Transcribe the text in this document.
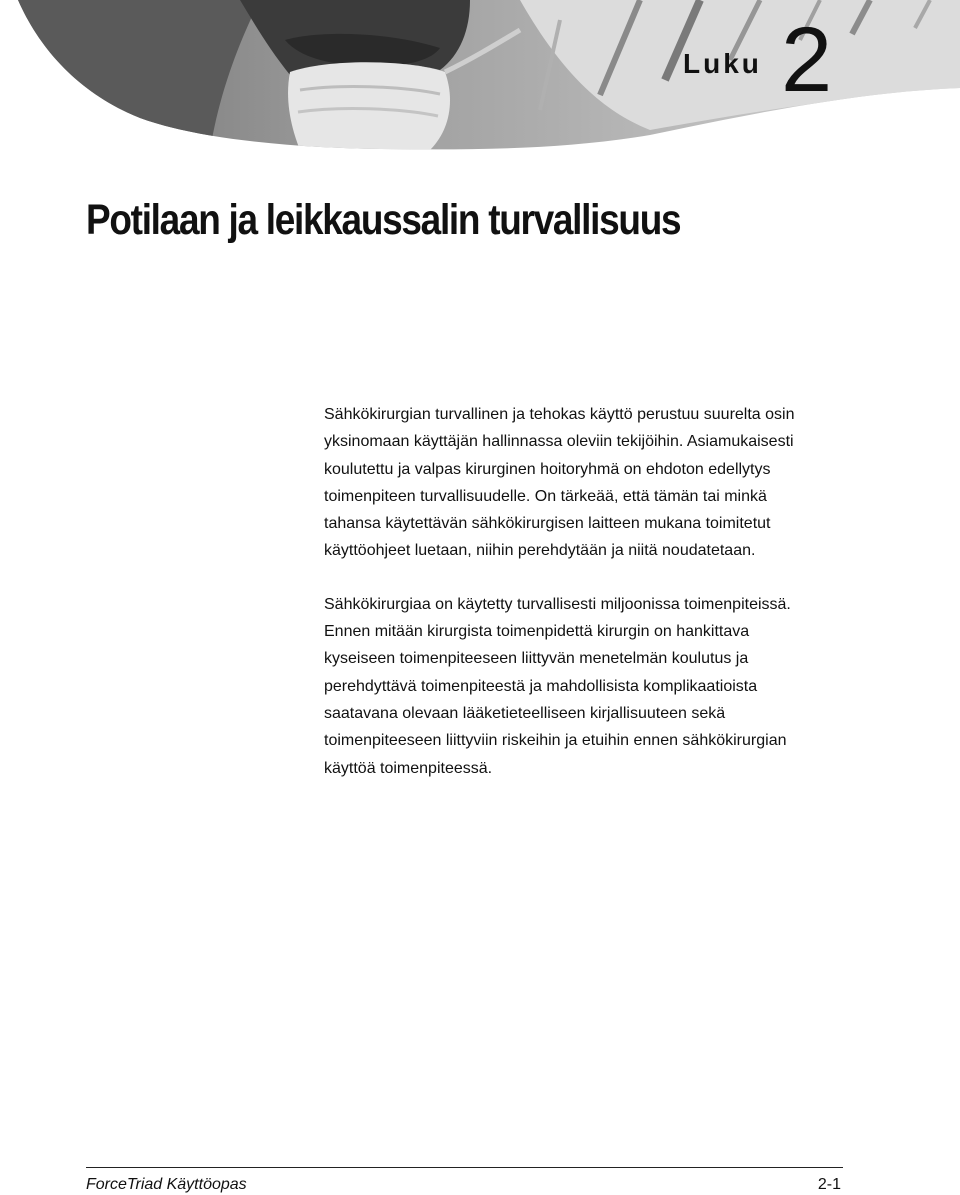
Luku 2
Potilaan ja leikkaussalin turvallisuus

Sähkökirurgian turvallinen ja tehokas käyttö perustuu suurelta osin
yksinomaan käyttäjän hallinnassa oleviin tekijöihin. Asiamukaisesti
koulutettu ja valpas kirurginen hoitoryhmä on ehdoton edellytys
toimenpiteen turvallisuudelle. On tärkeää, että tämän tai minkä
tahansa käytettävän sähkökirurgisen laitteen mukana toimitetut
käyttöohjeet luetaan, niihin perehdytään ja niitä noudatetaan.

Sähkökirurgiaa on käytetty turvallisesti miljoonissa toimenpiteissä.
Ennen mitään kirurgista toimenpidettä kirurgin on hankittava
kyseiseen toimenpiteeseen liittyvän menetelmän koulutus ja
perehdyttävä toimenpiteestä ja mahdollisista komplikaatioista
saatavana olevaan lääketieteelliseen kirjallisuuteen sekä
toimenpiteeseen liittyviin riskeihin ja etuihin ennen sähkökirurgian
käyttöä toimenpiteessä.

ForceTriad Käyttöopas	2-1
